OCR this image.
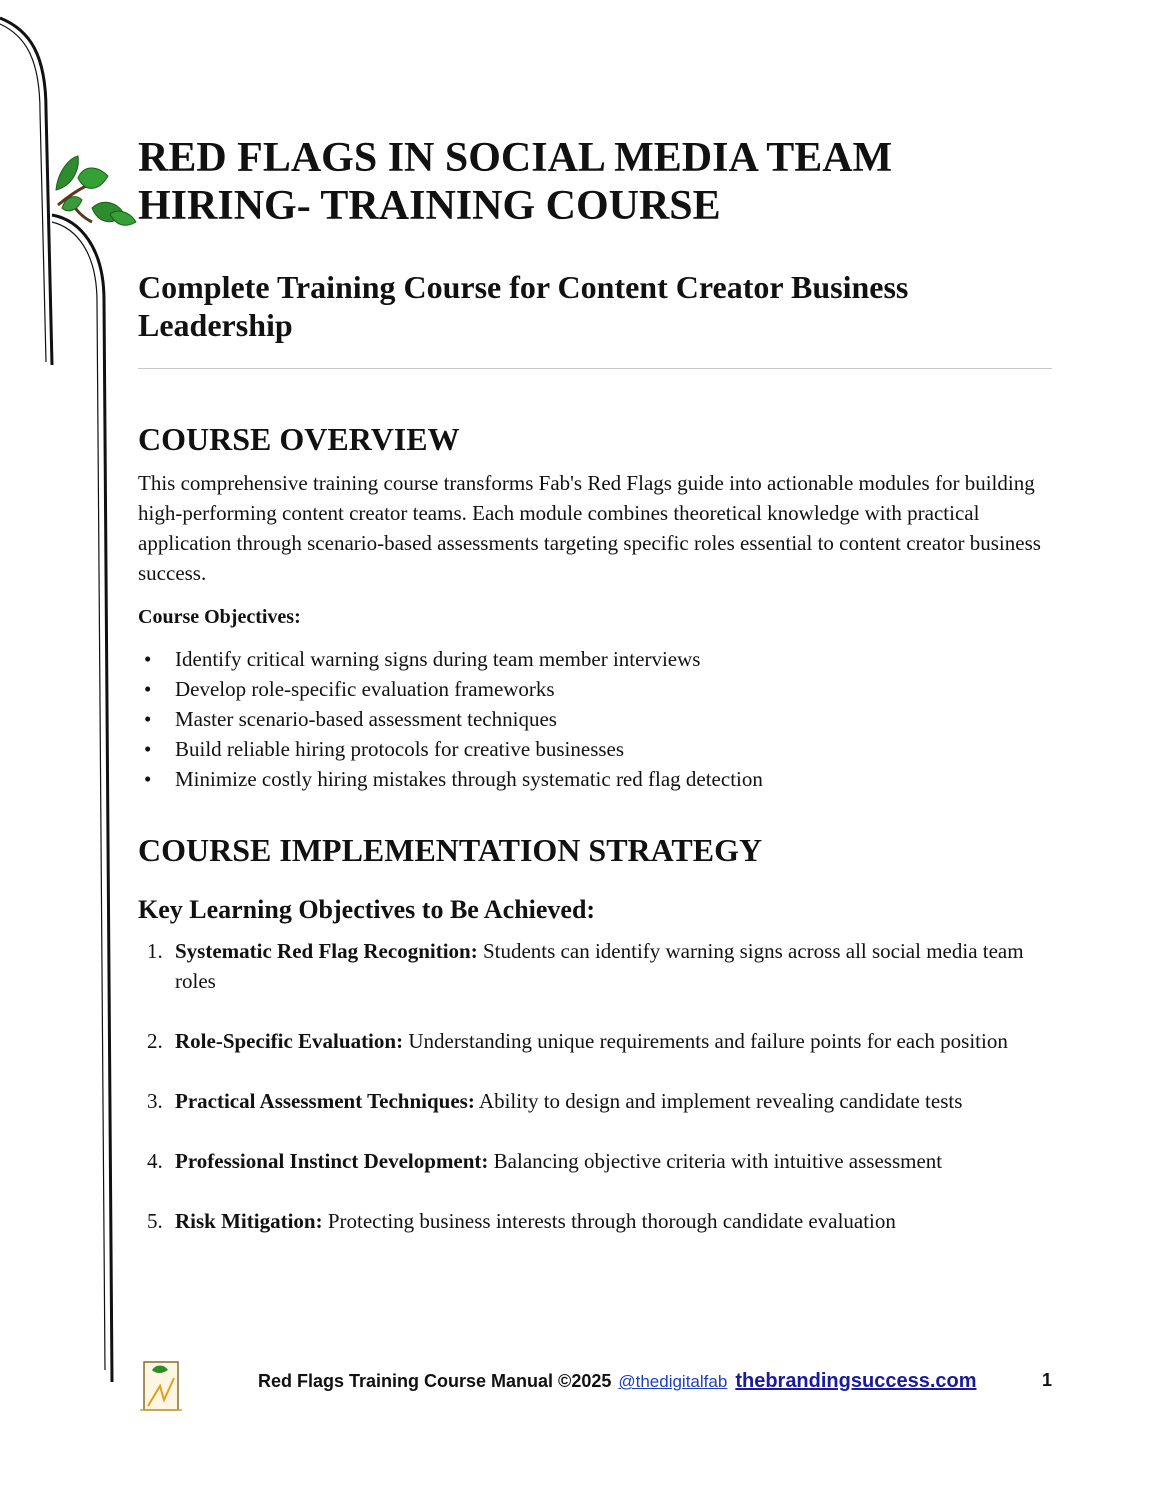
RED FLAGS IN SOCIAL MEDIA TEAM
HIRING- TRAINING COURSE
Complete Training Course for Content Creator Business
Leadership
COURSE OVERVIEW

This comprehensive training course transforms Fab's Red Flags guide into actionable modules for building high-performing content creator teams. Each module combines theoretical knowledge with practical application through scenario-based assessments targeting specific roles essential to content creator business success.

Course Objectives:

• Identify critical warning signs during team member interviews
• Develop role-specific evaluation frameworks
• Master scenario-based assessment techniques
• Build reliable hiring protocols for creative businesses
• Minimize costly hiring mistakes through systematic red flag detection
COURSE IMPLEMENTATION STRATEGY

Key Learning Objectives to Be Achieved:

1. Systematic Red Flag Recognition: Students can identify warning signs across all social media team roles
2. Role-Specific Evaluation: Understanding unique requirements and failure points for each position
3. Practical Assessment Techniques: Ability to design and implement revealing candidate tests
4. Professional Instinct Development: Balancing objective criteria with intuitive assessment
5. Risk Mitigation: Protecting business interests through thorough candidate evaluation
Red Flags Training Course Manual ©2025 @thedigitalfab thebrandingsuccess.com	1
